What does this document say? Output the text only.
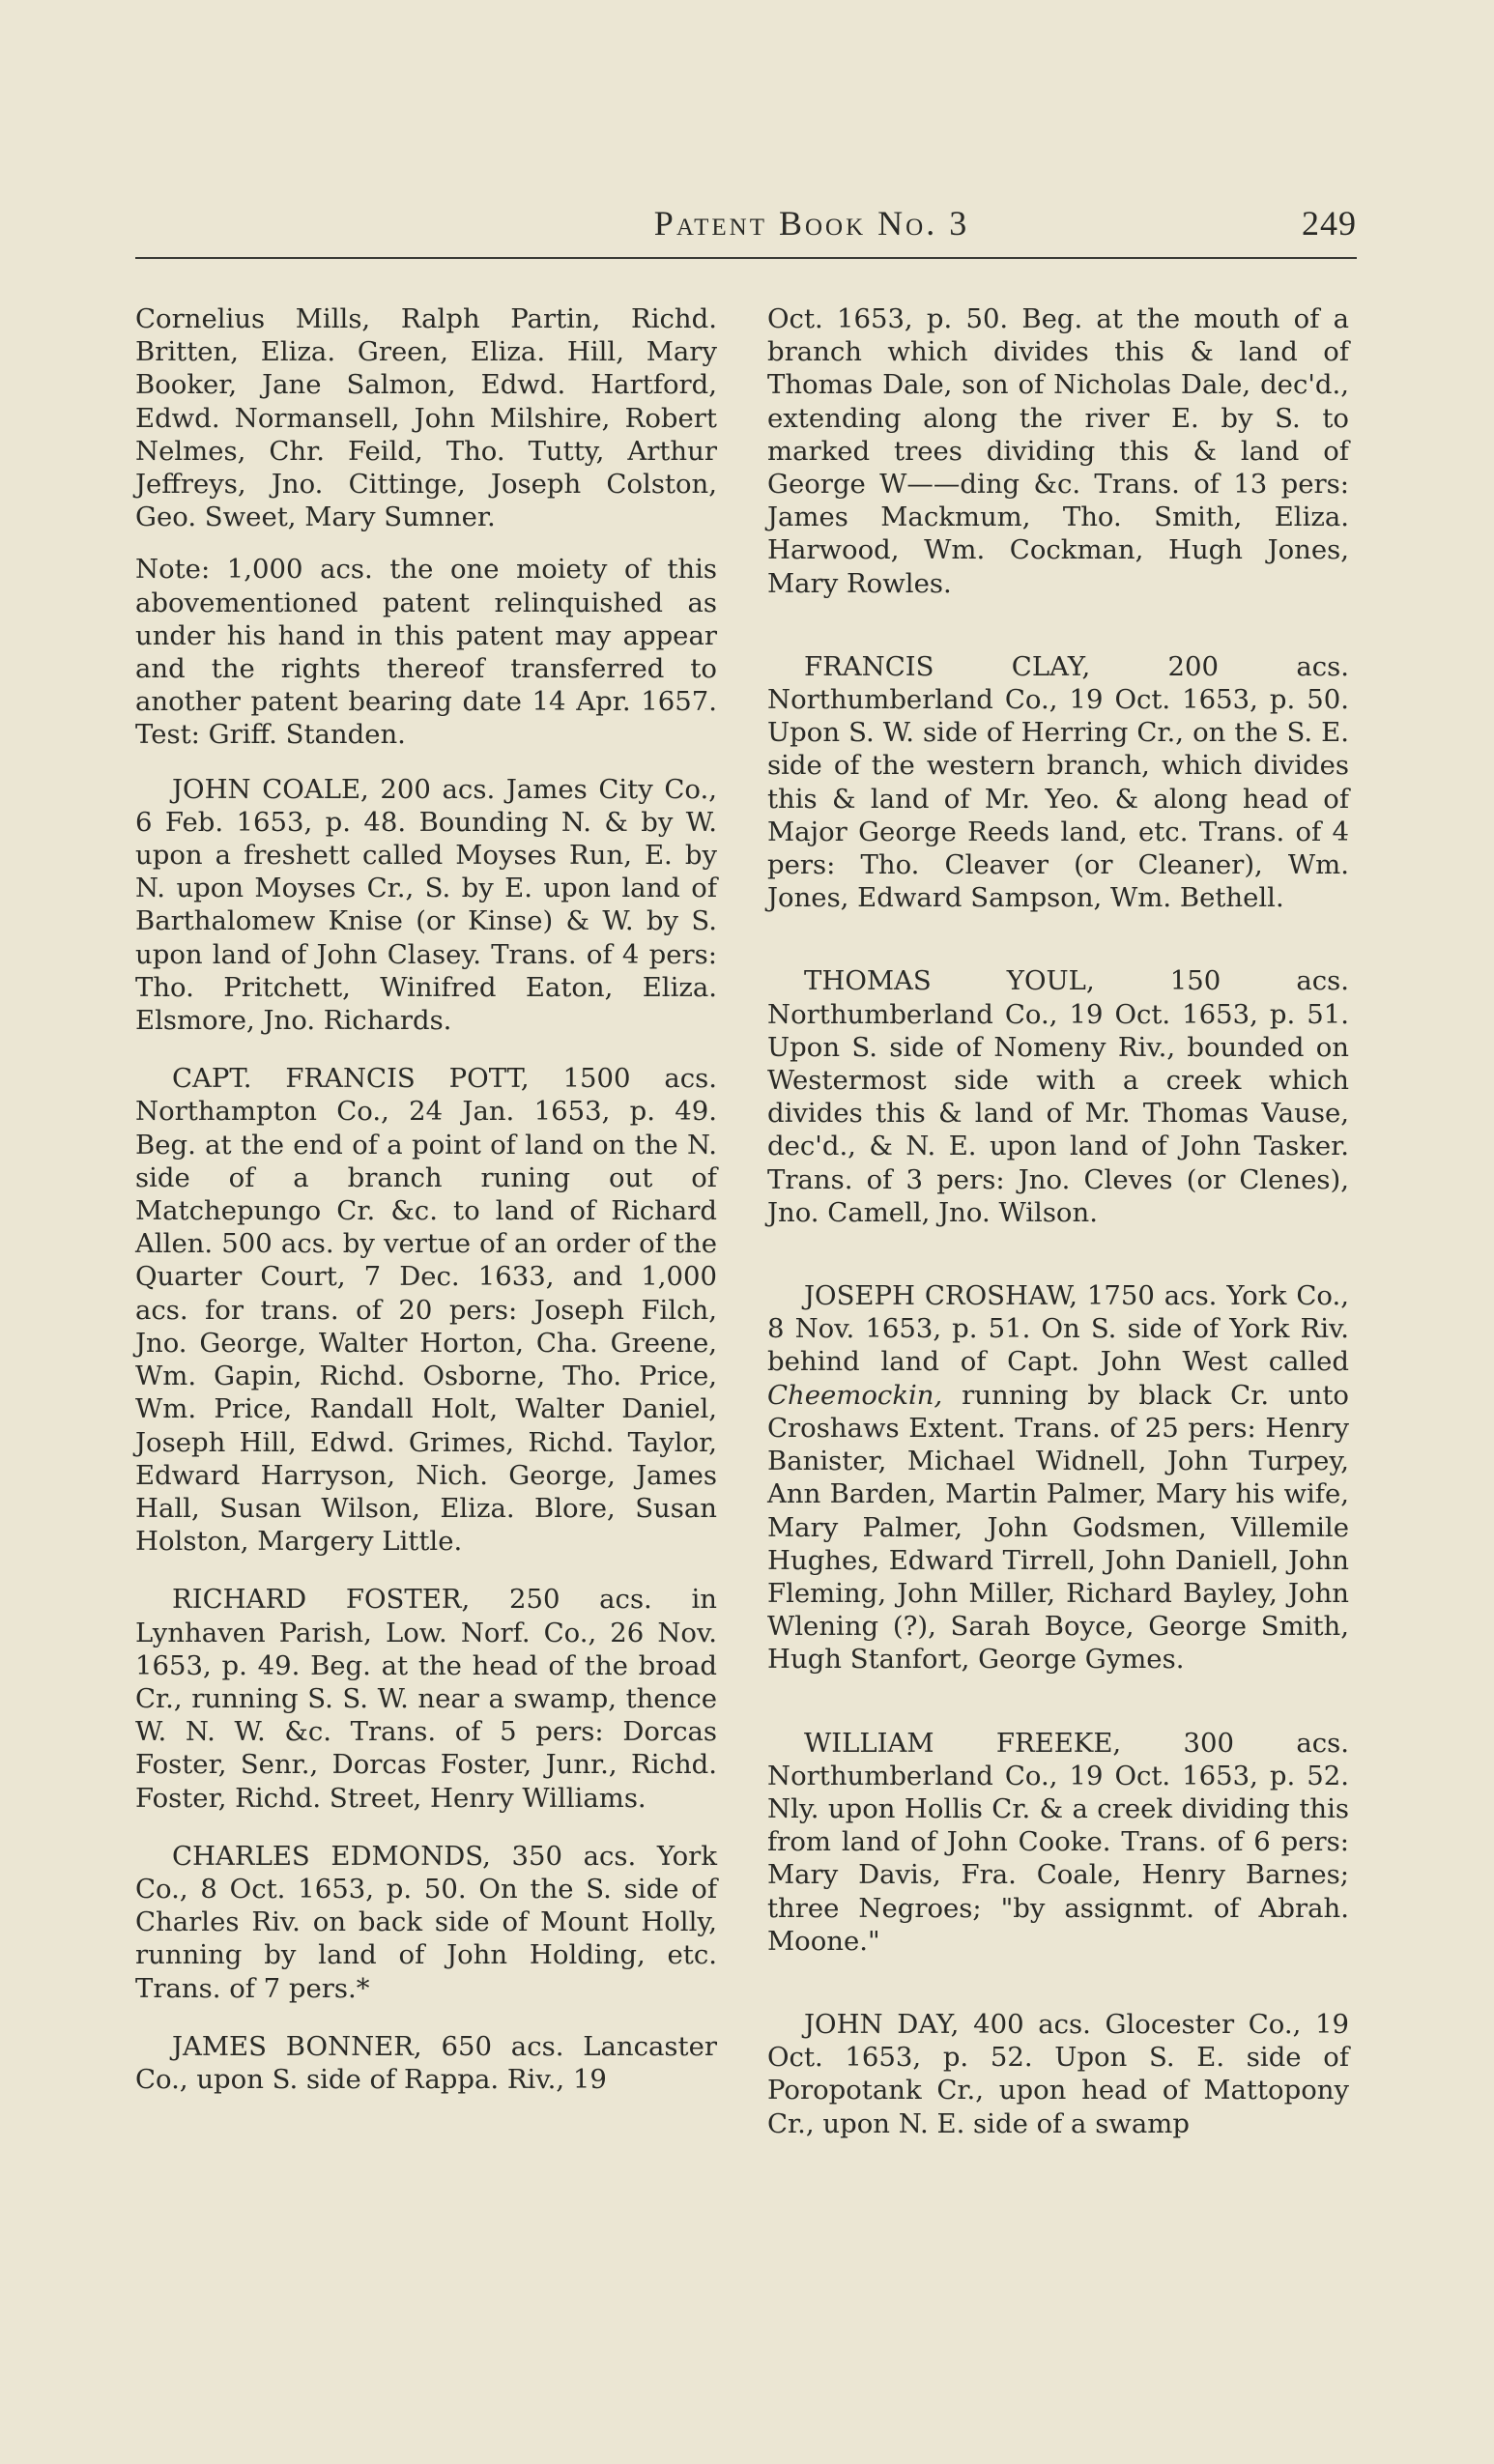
Patent Book No. 3	249

Cornelius Mills, Ralph Partin, Richd. Britten, Eliza. Green, Eliza. Hill, Mary Booker, Jane Salmon, Edwd. Hartford, Edwd. Normansell, John Milshire, Robert Nelmes, Chr. Feild, Tho. Tutty, Arthur Jeffreys, Jno. Cittinge, Joseph Colston, Geo. Sweet, Mary Sumner.

Note: 1,000 acs. the one moiety of this abovementioned patent relinquished as under his hand in this patent may appear and the rights thereof transferred to another patent bearing date 14 Apr. 1657. Test: Griff. Standen.

JOHN COALE, 200 acs. James City Co., 6 Feb. 1653, p. 48. Bounding N. & by W. upon a freshett called Moyses Run, E. by N. upon Moyses Cr., S. by E. upon land of Barthalomew Knise (or Kinse) & W. by S. upon land of John Clasey. Trans. of 4 pers: Tho. Pritchett, Winifred Eaton, Eliza. Elsmore, Jno. Richards.

CAPT. FRANCIS POTT, 1500 acs. Northampton Co., 24 Jan. 1653, p. 49. Beg. at the end of a point of land on the N. side of a branch runing out of Matchepungo Cr. &c. to land of Richard Allen. 500 acs. by vertue of an order of the Quarter Court, 7 Dec. 1633, and 1,000 acs. for trans. of 20 pers: Joseph Filch, Jno. George, Walter Horton, Cha. Greene, Wm. Gapin, Richd. Osborne, Tho. Price, Wm. Price, Randall Holt, Walter Daniel, Joseph Hill, Edwd. Grimes, Richd. Taylor, Edward Harryson, Nich. George, James Hall, Susan Wilson, Eliza. Blore, Susan Holston, Margery Little.

RICHARD FOSTER, 250 acs. in Lynhaven Parish, Low. Norf. Co., 26 Nov. 1653, p. 49. Beg. at the head of the broad Cr., running S. S. W. near a swamp, thence W. N. W. &c. Trans. of 5 pers: Dorcas Foster, Senr., Dorcas Foster, Junr., Richd. Foster, Richd. Street, Henry Williams.

CHARLES EDMONDS, 350 acs. York Co., 8 Oct. 1653, p. 50. On the S. side of Charles Riv. on back side of Mount Holly, running by land of John Holding, etc. Trans. of 7 pers.*

JAMES BONNER, 650 acs. Lancaster Co., upon S. side of Rappa. Riv., 19

Oct. 1653, p. 50. Beg. at the mouth of a branch which divides this & land of Thomas Dale, son of Nicholas Dale, dec'd., extending along the river E. by S. to marked trees dividing this & land of George W——ding &c. Trans. of 13 pers: James Mackmum, Tho. Smith, Eliza. Harwood, Wm. Cockman, Hugh Jones, Mary Rowles.

FRANCIS CLAY, 200 acs. Northumberland Co., 19 Oct. 1653, p. 50. Upon S. W. side of Herring Cr., on the S. E. side of the western branch, which divides this & land of Mr. Yeo. & along head of Major George Reeds land, etc. Trans. of 4 pers: Tho. Cleaver (or Cleaner), Wm. Jones, Edward Sampson, Wm. Bethell.

THOMAS YOUL, 150 acs. Northumberland Co., 19 Oct. 1653, p. 51. Upon S. side of Nomeny Riv., bounded on Westermost side with a creek which divides this & land of Mr. Thomas Vause, dec'd., & N. E. upon land of John Tasker. Trans. of 3 pers: Jno. Cleves (or Clenes), Jno. Camell, Jno. Wilson.

JOSEPH CROSHAW, 1750 acs. York Co., 8 Nov. 1653, p. 51. On S. side of York Riv. behind land of Capt. John West called Cheemockin, running by black Cr. unto Croshaws Extent. Trans. of 25 pers: Henry Banister, Michael Widnell, John Turpey, Ann Barden, Martin Palmer, Mary his wife, Mary Palmer, John Godsmen, Villemile Hughes, Edward Tirrell, John Daniell, John Fleming, John Miller, Richard Bayley, John Wlening (?), Sarah Boyce, George Smith, Hugh Stanfort, George Gymes.

WILLIAM FREEKE, 300 acs. Northumberland Co., 19 Oct. 1653, p. 52. Nly. upon Hollis Cr. & a creek dividing this from land of John Cooke. Trans. of 6 pers: Mary Davis, Fra. Coale, Henry Barnes; three Negroes; "by assignmt. of Abrah. Moone."

JOHN DAY, 400 acs. Glocester Co., 19 Oct. 1653, p. 52. Upon S. E. side of Poropotank Cr., upon head of Mattopony Cr., upon N. E. side of a swamp
